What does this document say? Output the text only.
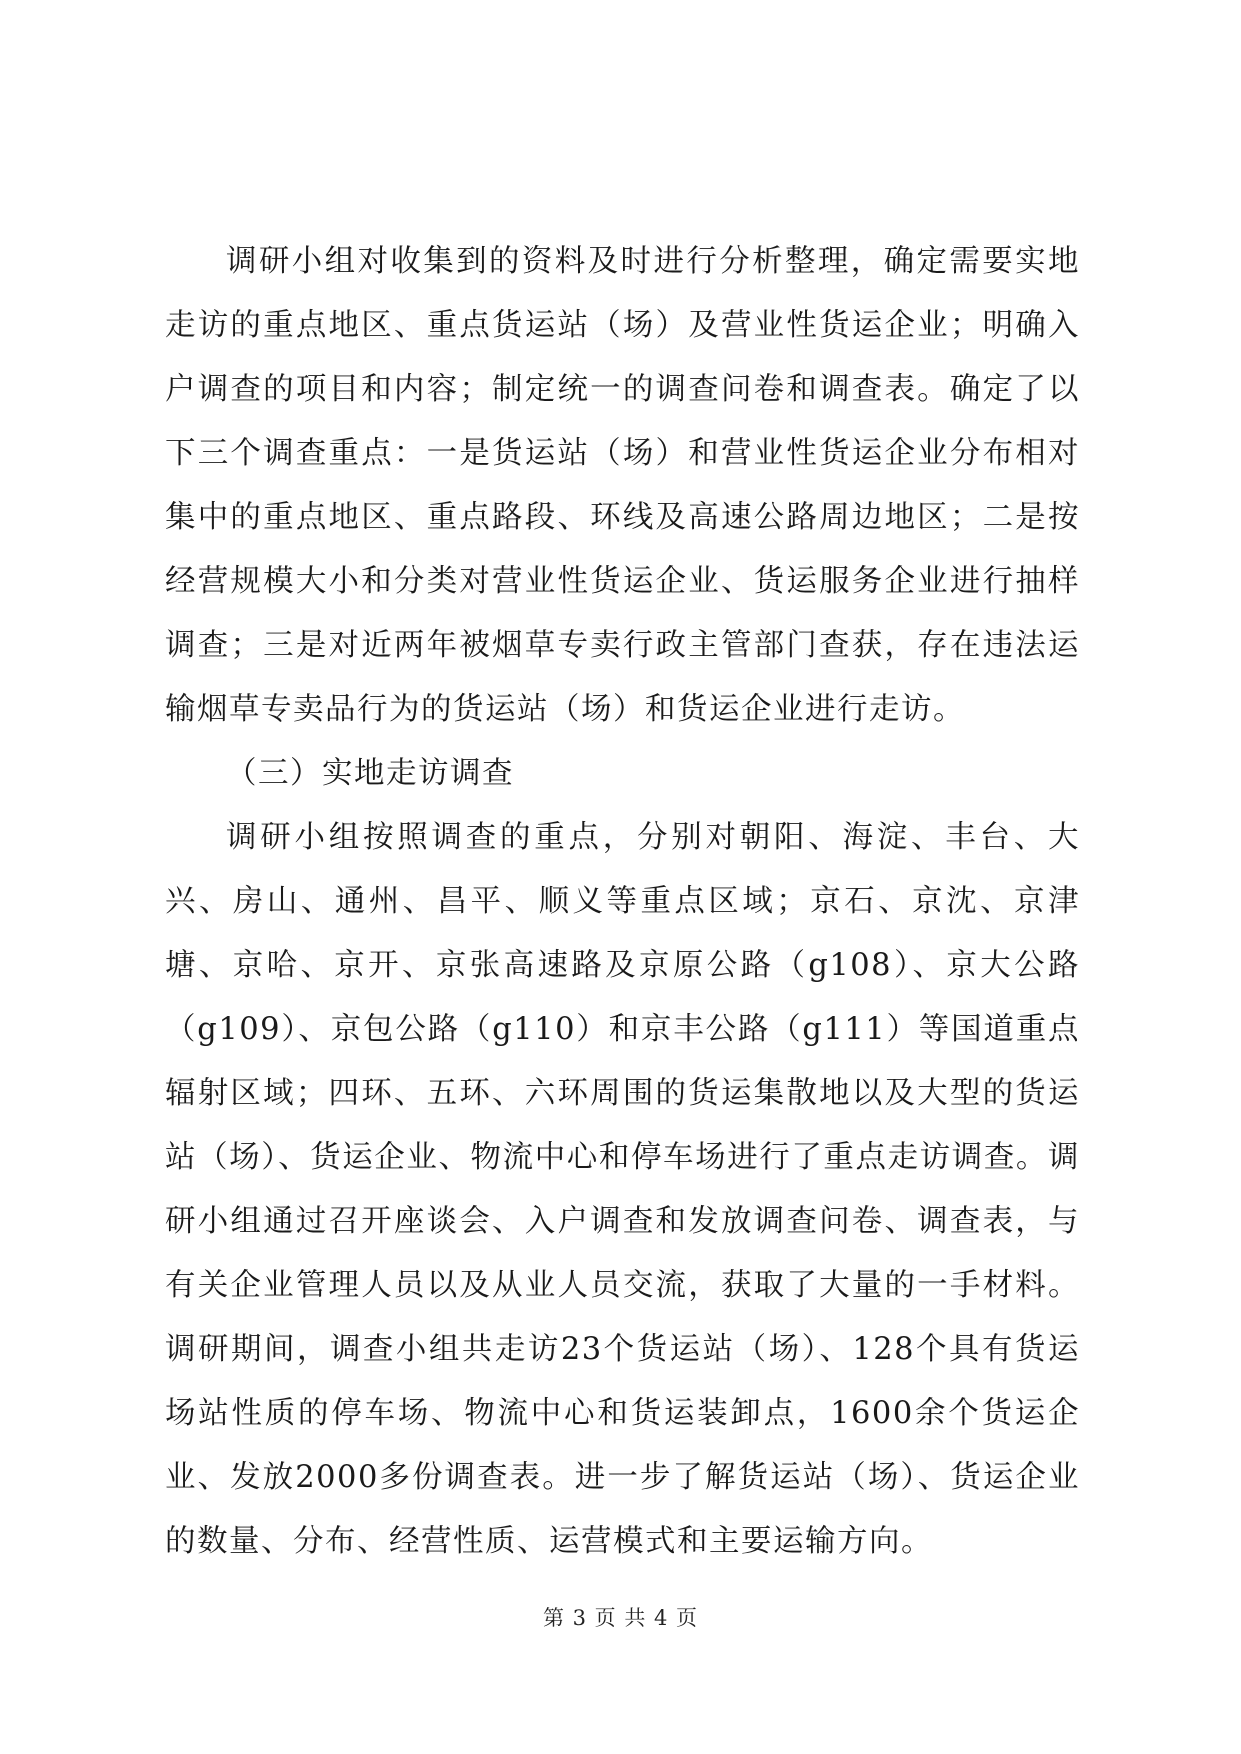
调研小组对收集到的资料及时进行分析整理，确定需要实地走访的重点地区、重点货运站（场）及营业性货运企业；明确入户调查的项目和内容；制定统一的调查问卷和调查表。确定了以下三个调查重点：一是货运站（场）和营业性货运企业分布相对集中的重点地区、重点路段、环线及高速公路周边地区；二是按经营规模大小和分类对营业性货运企业、货运服务企业进行抽样调查；三是对近两年被烟草专卖行政主管部门查获，存在违法运输烟草专卖品行为的货运站（场）和货运企业进行走访。

（三）实地走访调查

调研小组按照调查的重点，分别对朝阳、海淀、丰台、大兴、房山、通州、昌平、顺义等重点区域；京石、京沈、京津塘、京哈、京开、京张高速路及京原公路（g108）、京大公路（g109）、京包公路（g110）和京丰公路（g111）等国道重点辐射区域；四环、五环、六环周围的货运集散地以及大型的货运站（场）、货运企业、物流中心和停车场进行了重点走访调查。调研小组通过召开座谈会、入户调查和发放调查问卷、调查表，与有关企业管理人员以及从业人员交流，获取了大量的一手材料。调研期间，调查小组共走访23个货运站（场）、128个具有货运场站性质的停车场、物流中心和货运装卸点，1600余个货运企业、发放2000多份调查表。进一步了解货运站（场）、货运企业的数量、分布、经营性质、运营模式和主要运输方向。

第 3 页 共 4 页
